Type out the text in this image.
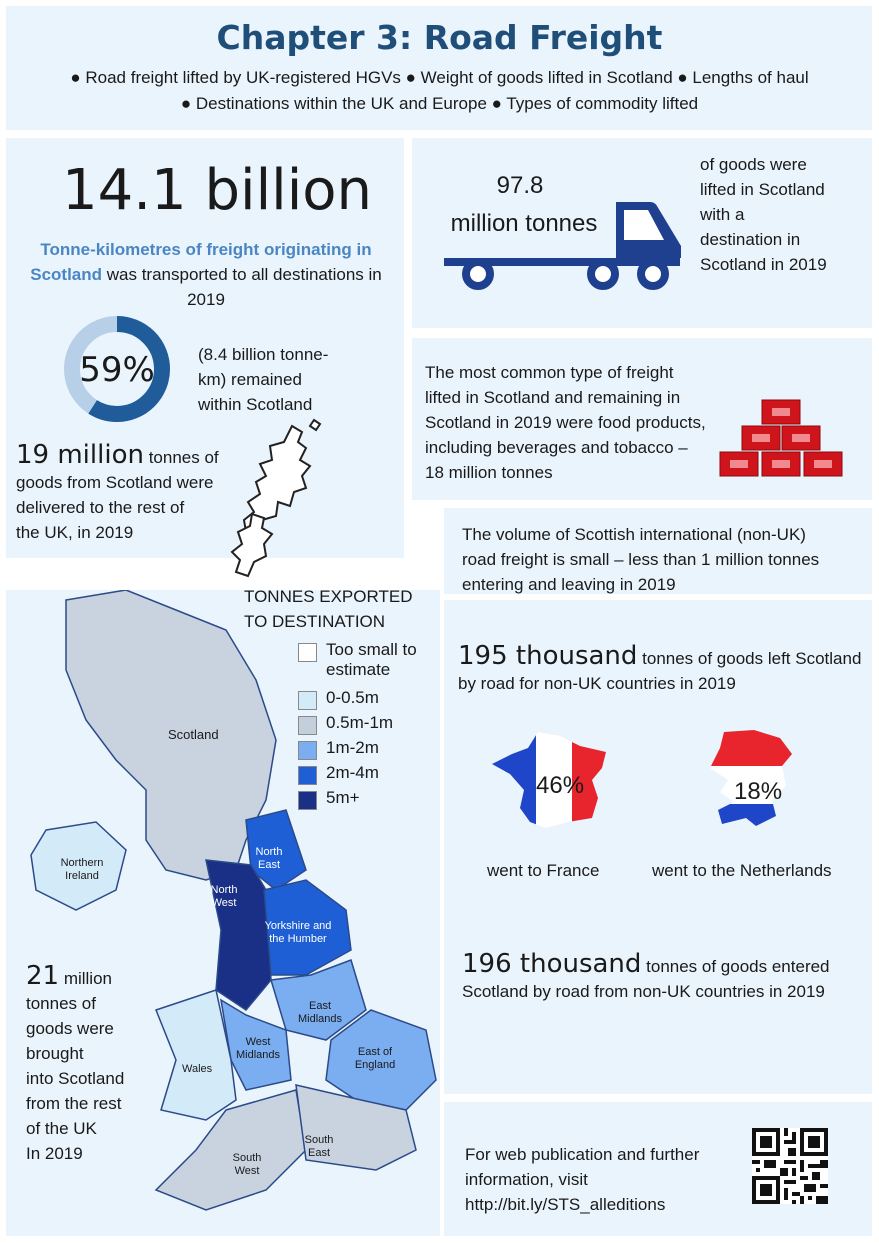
Chapter 3: Road Freight
● Road freight lifted by UK-registered HGVs ● Weight of goods lifted in Scotland ● Lengths of haul
● Destinations within the UK and Europe ● Types of commodity lifted
14.1 billion
Tonne-kilometres of freight originating in Scotland was transported to all destinations in 2019
59%	(8.4 billion tonne-
km) remained
within Scotland
19 million tonnes of
goods from Scotland were
delivered to the rest of
the UK, in 2019
97.8
million tonnes
of goods were
lifted in Scotland
with a
destination in
Scotland in 2019
The most common type of freight
lifted in Scotland and remaining in
Scotland in 2019 were food products,
including beverages and tobacco –
18 million tonnes
The volume of Scottish international (non-UK)
road freight is small – less than 1 million tonnes
entering and leaving in 2019
195 thousand tonnes of goods left Scotland
by road for non-UK countries in 2019
46%
went to France
18%
went to the Netherlands
196 thousand tonnes of goods entered
Scotland by road from non-UK countries in 2019
For web publication and further
information, visit
http://bit.ly/STS_alleditions
Scotland
Northern Ireland
North East
North West
Yorkshire and the Humber
East Midlands
West Midlands	East of England
Wales
South West
South East
TONNES EXPORTED
TO DESTINATION
Too small to
estimate
0-0.5m
0.5m-1m
1m-2m
2m-4m
5m+
21 million
tonnes of
goods were
brought
into Scotland
from the rest
of the UK
In 2019
